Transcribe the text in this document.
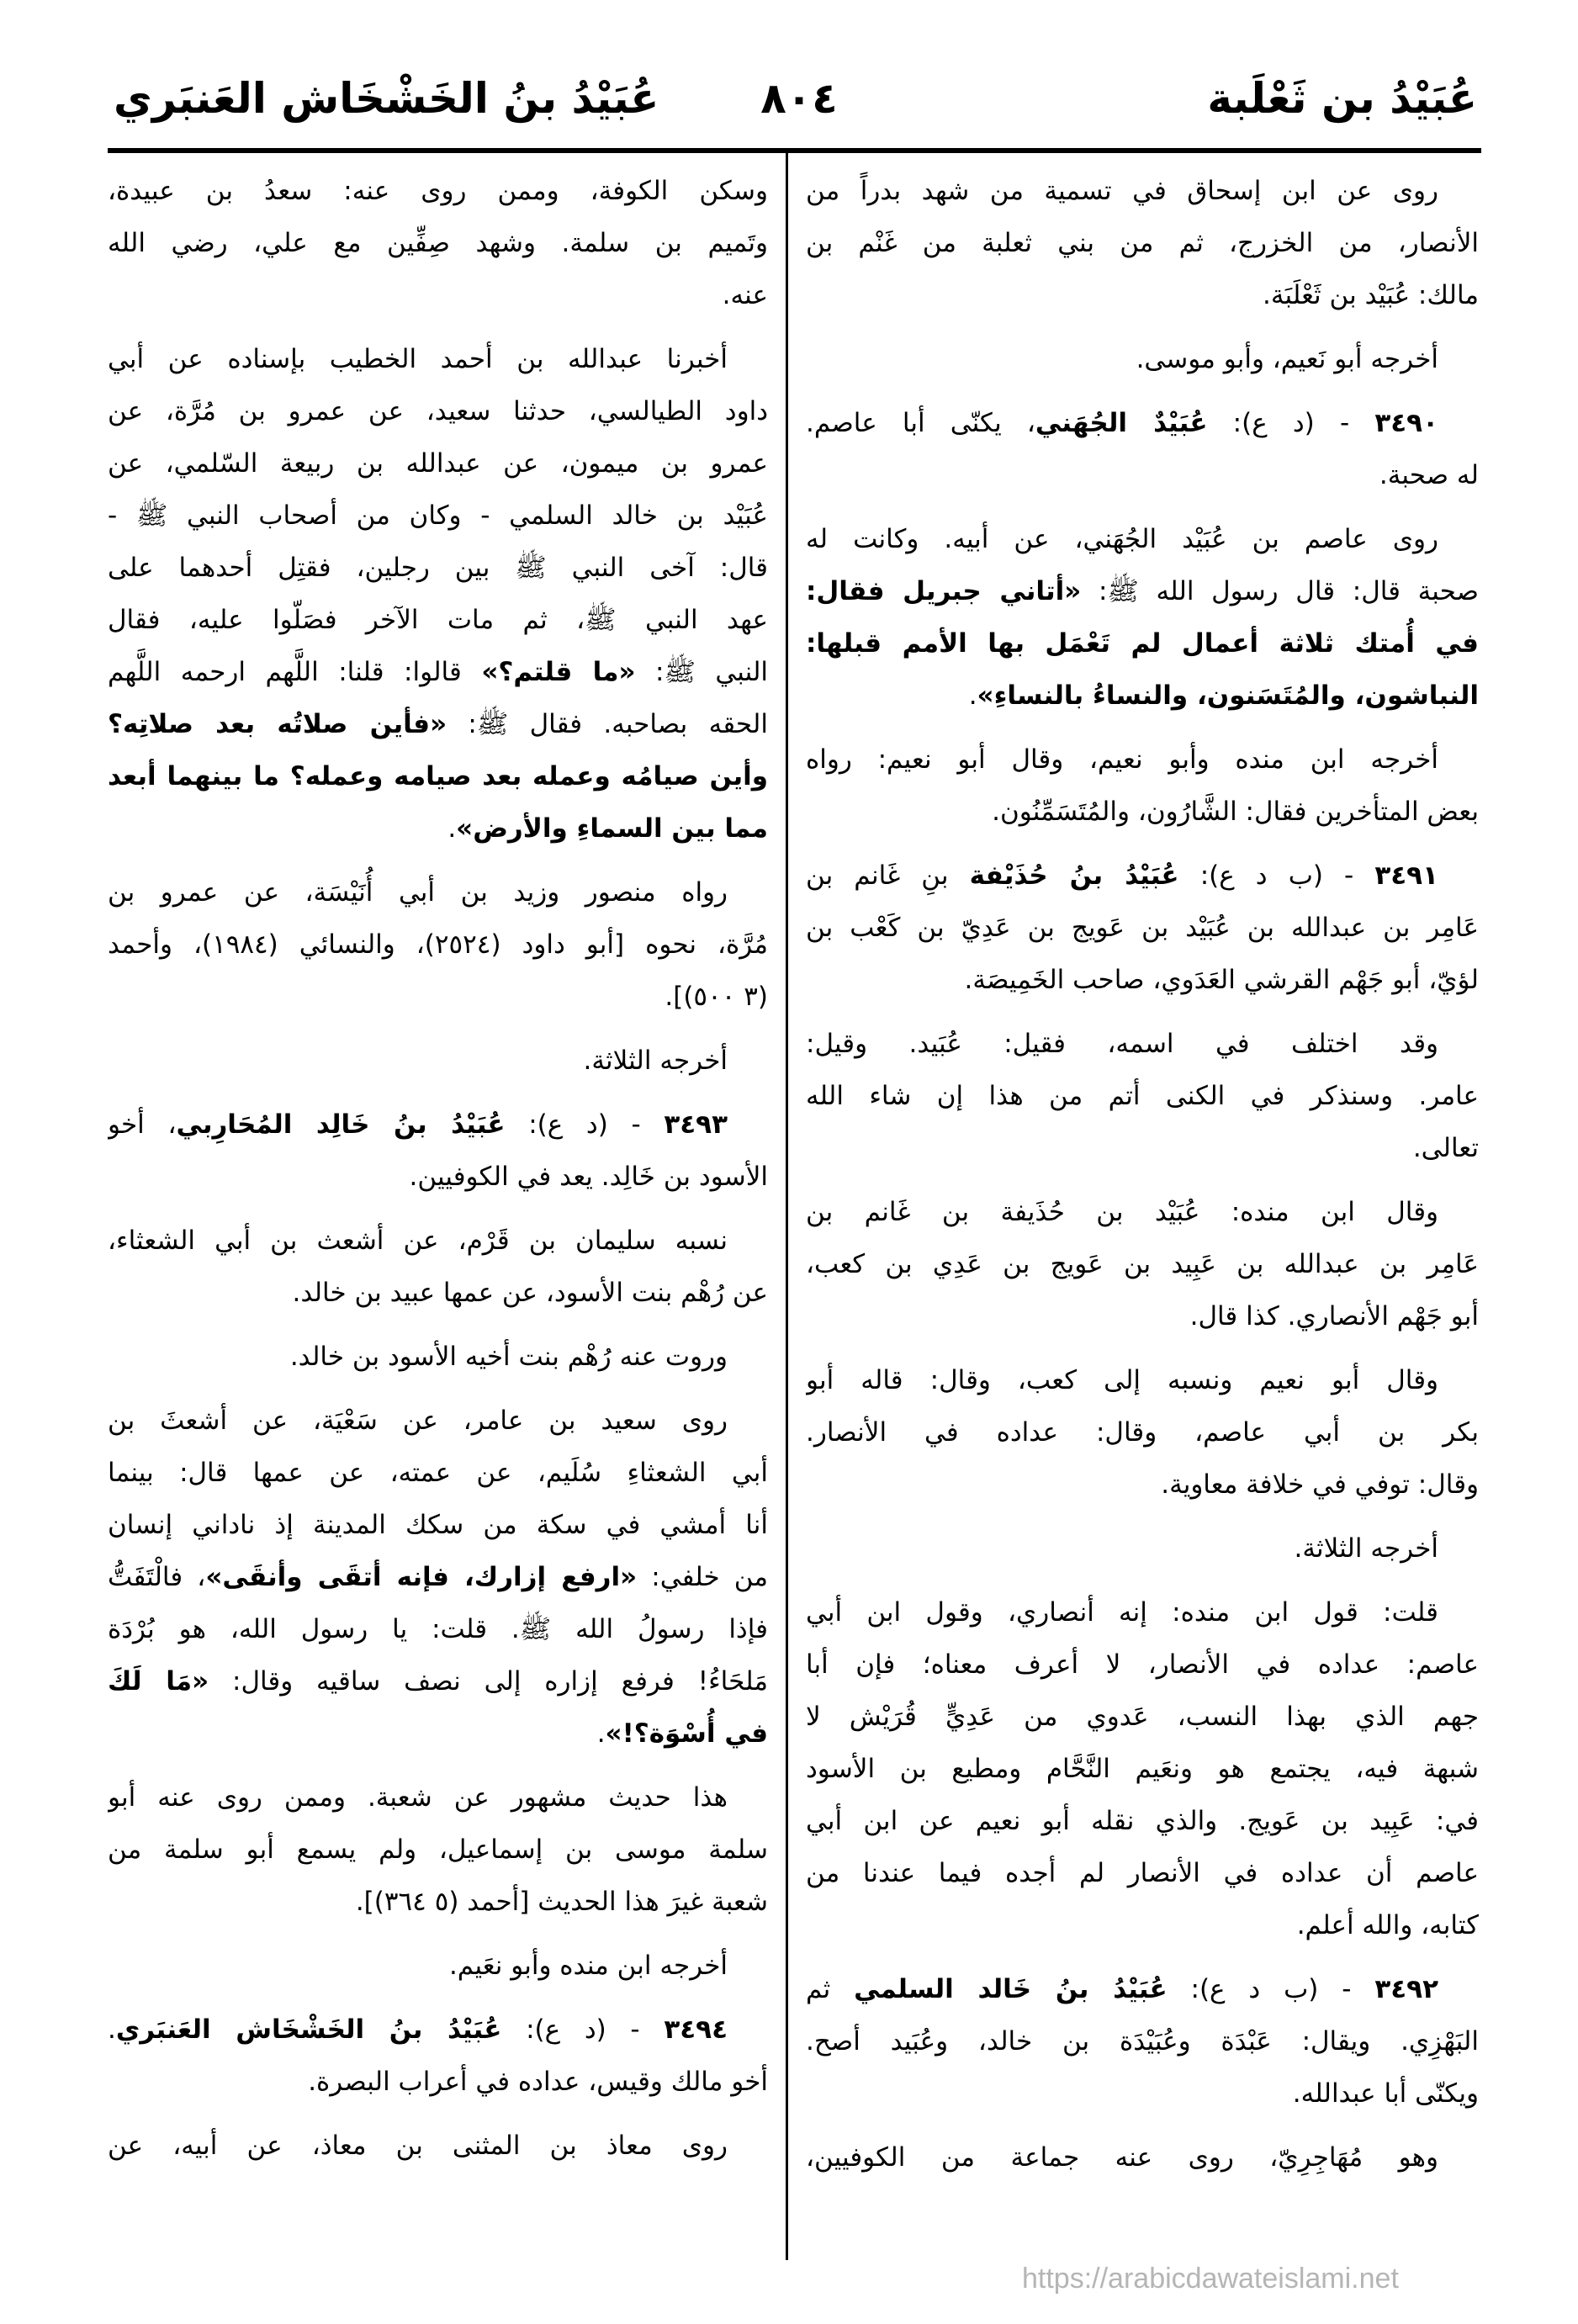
عُبَيْدُ بن ثَعْلَبة
٨٠٤
عُبَيْدُ بنُ الخَشْخَاش العَنبَري
روى عن ابن إسحاق في تسمية من شهد بدراً من
الأنصار، من الخزرج، ثم من بني ثعلبة من غَنْم بن
مالك: عُبَيْد بن ثَعْلَبَة.
أخرجه أبو نَعيم، وأبو موسى.
٣٤٩٠ - (د ع): عُبَيْدٌ الجُهَني، يكنّى أبا عاصم.
له صحبة.
روى عاصم بن عُبَيْد الجُهَني، عن أبيه. وكانت له
صحبة قال: قال رسول الله ﷺ: «أتاني جبريل فقال:
في أُمتك ثلاثة أعمال لم تَعْمَل بها الأمم قبلها:
النباشون، والمُتَسَنون، والنساءُ بالنساءِ».
أخرجه ابن منده وأبو نعيم، وقال أبو نعيم: رواه
بعض المتأخرين فقال: الشَّارُون، والمُتَسَمِّنُون.
٣٤٩١ - (ب د ع): عُبَيْدُ بنُ حُذَيْفة بنِ غَانم بن
عَامِر بن عبدالله بن عُبَيْد بن عَويج بن عَدِيّ بن كَعْب بن
لؤيّ، أبو جَهْم القرشي العَدَوي، صاحب الخَمِيصَة.
وقد اختلف في اسمه، فقيل: عُبَيد. وقيل:
عامر. وسنذكر في الكنى أتم من هذا إن شاء الله
تعالى.
وقال ابن منده: عُبَيْد بن حُذَيفة بن غَانم بن
عَامِر بن عبدالله بن عَبِيد بن عَويج بن عَدِي بن كعب،
أبو جَهْم الأنصاري. كذا قال.
وقال أبو نعيم ونسبه إلى كعب، وقال: قاله أبو
بكر بن أبي عاصم، وقال: عداده في الأنصار.
وقال: توفي في خلافة معاوية.
أخرجه الثلاثة.
قلت: قول ابن منده: إنه أنصاري، وقول ابن أبي
عاصم: عداده في الأنصار، لا أعرف معناه؛ فإن أبا
جهم الذي بهذا النسب، عَدوي من عَدِيٍّ قُرَيْش لا
شبهة فيه، يجتمع هو ونعَيم النَّحَّام ومطيع بن الأسود
في: عَبِيد بن عَويج. والذي نقله أبو نعيم عن ابن أبي
عاصم أن عداده في الأنصار لم أجده فيما عندنا من
كتابه، والله أعلم.
٣٤٩٢ - (ب د ع): عُبَيْدُ بنُ خَالد السلمي ثم
البَهْزِي. ويقال: عَبْدَة وعُبَيْدَة بن خالد، وعُبَيد أصح.
ويكنّى أبا عبدالله.
وهو مُهَاجِرِيّ، روى عنه جماعة من الكوفيين،
وسكن الكوفة، وممن روى عنه: سعدُ بن عبيدة،
وتَميم بن سلمة. وشهد صِفِّين مع علي، رضي الله
عنه.
أخبرنا عبدالله بن أحمد الخطيب بإسناده عن أبي
داود الطيالسي، حدثنا سعيد، عن عمرو بن مُرَّة، عن
عمرو بن ميمون، عن عبدالله بن ربيعة السّلمي، عن
عُبَيْد بن خالد السلمي - وكان من أصحاب النبي ﷺ -
قال: آخى النبي ﷺ بين رجلين، فقتِل أحدهما على
عهد النبي ﷺ، ثم مات الآخر فصَلّوا عليه، فقال
النبي ﷺ: «ما قلتم؟» قالوا: قلنا: اللَّهم ارحمه اللَّهم
الحقه بصاحبه. فقال ﷺ: «فأين صلاتُه بعد صلاتِه؟
وأين صيامُه وعمله بعد صيامه وعمله؟ ما بينهما أبعد
مما بين السماءِ والأرض».
رواه منصور وزيد بن أبي أُنَيْسَة، عن عمرو بن
مُرَّة، نحوه [أبو داود (٢٥٢٤)، والنسائي (١٩٨٤)، وأحمد
(٣ ٥٠٠)].
أخرجه الثلاثة.
٣٤٩٣ - (د ع): عُبَيْدُ بنُ خَالِد المُحَارِبي، أخو
الأسود بن خَالِد. يعد في الكوفيين.
نسبه سليمان بن قَرْم، عن أشعث بن أبي الشعثاء،
عن رُهْم بنت الأسود، عن عمها عبيد بن خالد.
وروت عنه رُهْم بنت أخيه الأسود بن خالد.
روى سعيد بن عامر، عن سَعْيَة، عن أشعثَ بن
أبي الشعثاءِ سُلَيم، عن عمته، عن عمها قال: بينما
أنا أمشي في سكة من سكك المدينة إذ ناداني إنسان
من خلفي: «ارفع إزارك، فإنه أتقَى وأنقَى»، فالْتَفَتُّ
فإذا رسولُ الله ﷺ. قلت: يا رسول الله، هو بُرْدَة
مَلحَاءُ! فرفع إزاره إلى نصف ساقيه وقال: «مَا لَكَ
في أُسْوَة؟!».
هذا حديث مشهور عن شعبة. وممن روى عنه أبو
سلمة موسى بن إسماعيل، ولم يسمع أبو سلمة من
شعبة غيرَ هذا الحديث [أحمد (٥ ٣٦٤)].
أخرجه ابن منده وأبو نعَيم.
٣٤٩٤ - (د ع): عُبَيْدُ بنُ الخَشْخَاش العَنبَري.
أخو مالك وقيس، عداده في أعراب البصرة.
روى معاذ بن المثنى بن معاذ، عن أبيه، عن
https://arabicdawateislami.net
